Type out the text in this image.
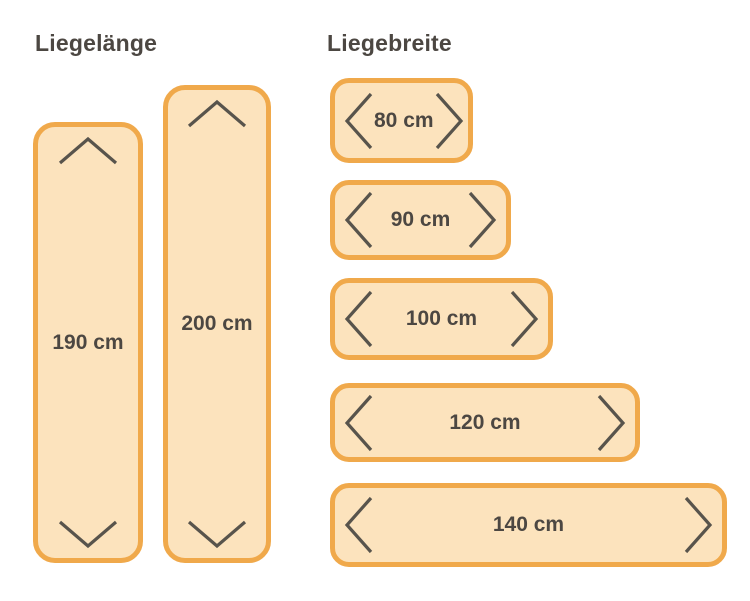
Liegelänge	Liegebreite
190 cm
200 cm
80 cm
90 cm
100 cm
120 cm
140 cm
